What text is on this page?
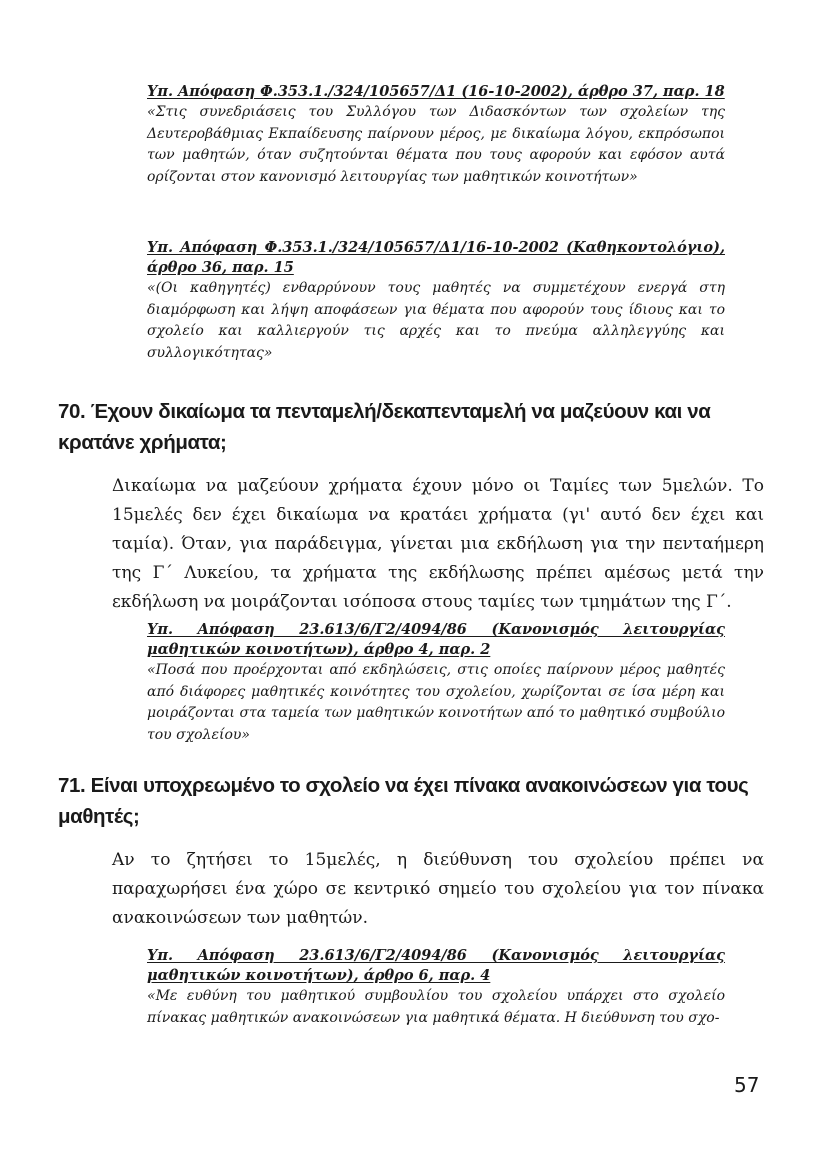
Υπ. Απόφαση Φ.353.1./324/105657/Δ1 (16-10-2002), άρθρο 37, παρ. 18

«Στις συνεδριάσεις του Συλλόγου των Διδασκόντων των σχολείων της Δευτεροβάθμιας Εκπαίδευσης παίρνουν μέρος, με δικαίωμα λόγου, εκπρόσωποι των μαθητών, όταν συζητούνται θέματα που τους αφορούν και εφόσον αυτά ορίζονται στον κανονισμό λειτουργίας των μαθητικών κοινοτήτων»

Υπ. Απόφαση Φ.353.1./324/105657/Δ1/16-10-2002 (Καθηκοντολόγιο), άρθρο 36, παρ. 15

«(Οι καθηγητές) ενθαρρύνουν τους μαθητές να συμμετέχουν ενεργά στη διαμόρφωση και λήψη αποφάσεων για θέματα που αφορούν τους ίδιους και το σχολείο και καλλιεργούν τις αρχές και το πνεύμα αλληλεγγύης και συλλογικότητας»

70. Έχουν δικαίωμα τα πενταμελή/δεκαπενταμελή να μαζεύουν και να κρατάνε χρήματα;

Δικαίωμα να μαζεύουν χρήματα έχουν μόνο οι Ταμίες των 5μελών. Το 15μελές δεν έχει δικαίωμα να κρατάει χρήματα (γι' αυτό δεν έχει και ταμία). Όταν, για παράδειγμα, γίνεται μια εκδήλωση για την πενταήμερη της Γ΄ Λυκείου, τα χρήματα της εκδήλωσης πρέπει αμέσως μετά την εκδήλωση να μοιράζονται ισόποσα στους ταμίες των τμημάτων της Γ΄.

Υπ. Απόφαση 23.613/6/Γ2/4094/86 (Κανονισμός λειτουργίας μαθητικών κοινοτήτων), άρθρο 4, παρ. 2

«Ποσά που προέρχονται από εκδηλώσεις, στις οποίες παίρνουν μέρος μαθητές από διάφορες μαθητικές κοινότητες του σχολείου, χωρίζονται σε ίσα μέρη και μοιράζονται στα ταμεία των μαθητικών κοινοτήτων από το μαθητικό συμβούλιο του σχολείου»

71. Είναι υποχρεωμένο το σχολείο να έχει πίνακα ανακοινώσεων για τους μαθητές;

Αν το ζητήσει το 15μελές, η διεύθυνση του σχολείου πρέπει να παραχωρήσει ένα χώρο σε κεντρικό σημείο του σχολείου για τον πίνακα ανακοινώσεων των μαθητών.

Υπ. Απόφαση 23.613/6/Γ2/4094/86 (Κανονισμός λειτουργίας μαθητικών κοινοτήτων), άρθρο 6, παρ. 4

«Με ευθύνη του μαθητικού συμβουλίου του σχολείου υπάρχει στο σχολείο πίνακας μαθητικών ανακοινώσεων για μαθητικά θέματα. Η διεύθυνση του σχο-

57
